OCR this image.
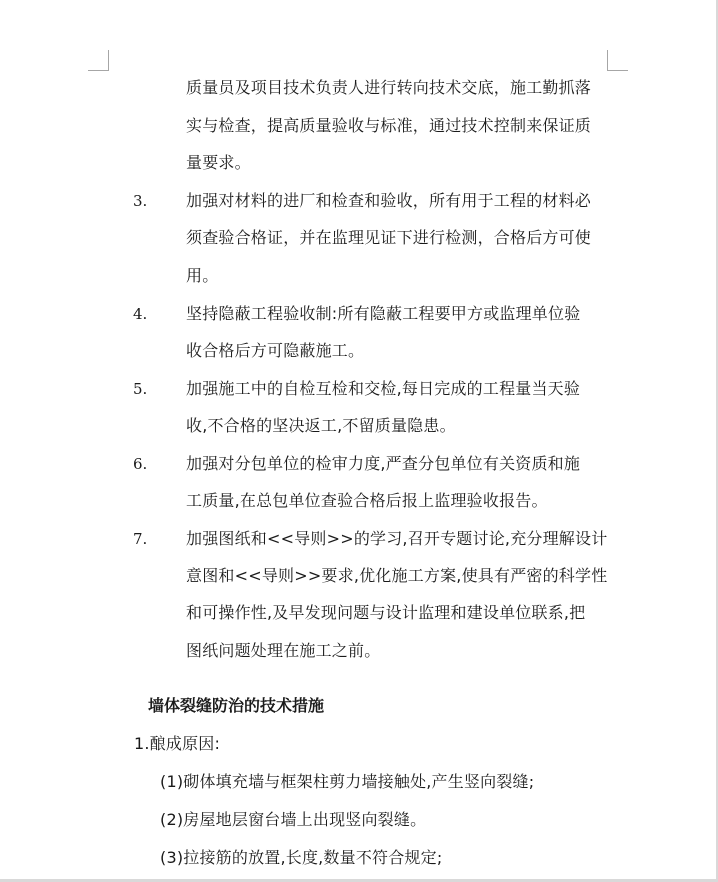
质量员及项目技术负责人进行转向技术交底，施工勤抓落
实与检查，提高质量验收与标准，通过技术控制来保证质
量要求。
3. 加强对材料的进厂和检查和验收，所有用于工程的材料必
须查验合格证，并在监理见证下进行检测，合格后方可使
用。
4. 坚持隐蔽工程验收制:所有隐蔽工程要甲方或监理单位验
收合格后方可隐蔽施工。
5. 加强施工中的自检互检和交检,每日完成的工程量当天验
收,不合格的坚决返工,不留质量隐患。
6. 加强对分包单位的检审力度,严查分包单位有关资质和施
工质量,在总包单位查验合格后报上监理验收报告。
7. 加强图纸和<<导则>>的学习,召开专题讨论,充分理解设计
意图和<<导则>>要求,优化施工方案,使具有严密的科学性
和可操作性,及早发现问题与设计监理和建设单位联系,把
图纸问题处理在施工之前。
墙体裂缝防治的技术措施
1.酿成原因:
(1)砌体填充墙与框架柱剪力墙接触处,产生竖向裂缝;
(2)房屋地层窗台墙上出现竖向裂缝。
(3)拉接筋的放置,长度,数量不符合规定;
